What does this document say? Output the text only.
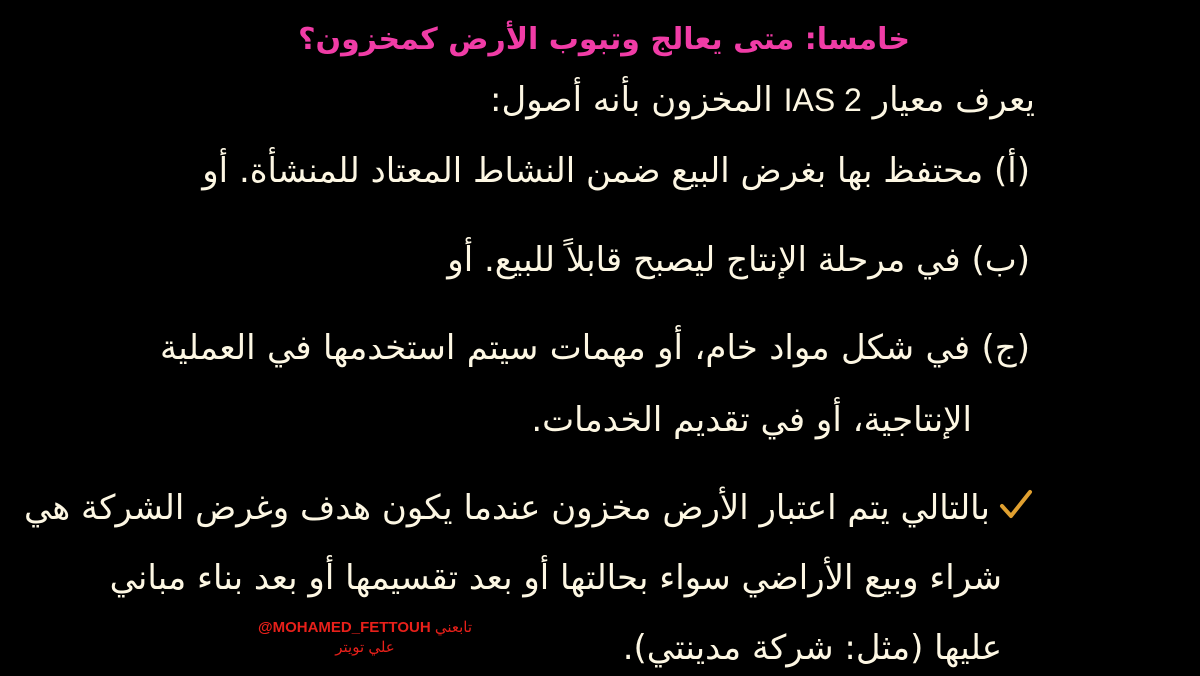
خامسا: متى يعالج وتبوب الأرض كمخزون؟
يعرف معيار IAS 2 المخزون بأنه أصول:
(أ) محتفظ بها بغرض البيع ضمن النشاط المعتاد للمنشأة. أو
(ب) في مرحلة الإنتاج ليصبح قابلاً للبيع. أو
(ج) في شكل مواد خام، أو مهمات سيتم استخدمها في العملية
الإنتاجية، أو في تقديم الخدمات.
بالتالي يتم اعتبار الأرض مخزون عندما يكون هدف وغرض الشركة هي
شراء وبيع الأراضي سواء بحالتها أو بعد تقسيمها أو بعد بناء مباني
عليها (مثل: شركة مدينتي).
تابعني @MOHAMED_FETTOUH
علي تويتر
